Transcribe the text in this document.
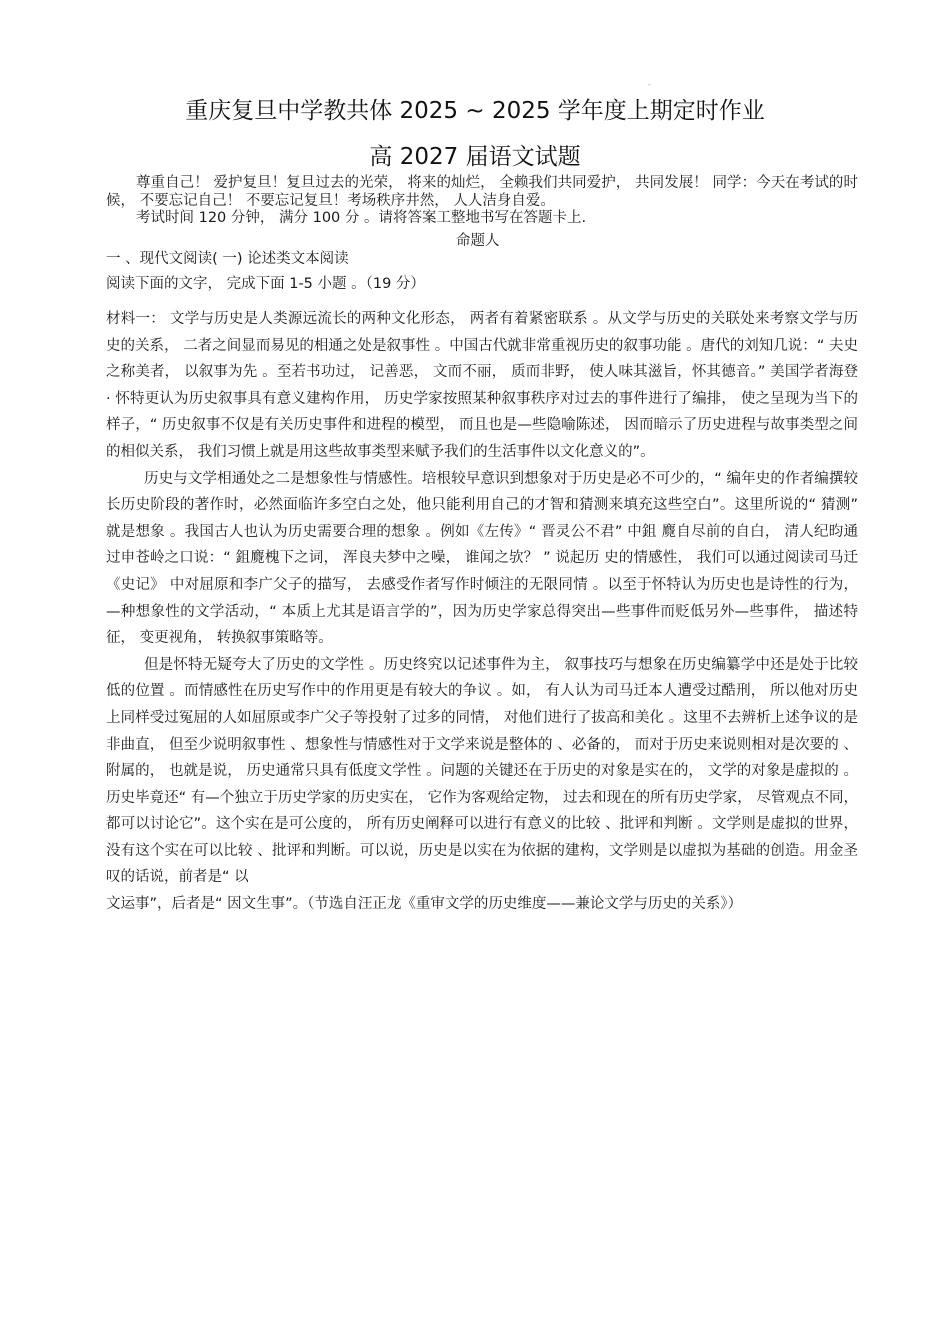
-
重庆复旦中学教共体 2025 ~ 2025 学年度上期定时作业
高 2027 届语文试题
尊重自己！ 爱护复旦！复旦过去的光荣， 将来的灿烂， 全赖我们共同爱护， 共同发展！ 同学：今天在考试的时候， 不要忘记自己！ 不要忘记复旦！考场秩序井然， 人人洁身自爱。
考试时间 120 分钟， 满分 100 分 。请将答案工整地书写在答题卡上.
命题人
一 、现代文阅读( 一) 论述类文本阅读
阅读下面的文字， 完成下面 1-5 小题 。（19 分）

材料一： 文学与历史是人类源远流长的两种文化形态， 两者有着紧密联系 。从文学与历史的关联处来考察文学与历史的关系， 二者之间显而易见的相通之处是叙事性 。中国古代就非常重视历史的叙事功能 。唐代的刘知几说：“ 夫史之称美者， 以叙事为先 。至若书功过， 记善恶， 文而不丽， 质而非野， 使人味其滋旨，怀其德音。” 美国学者海登 · 怀特更认为历史叙事具有意义建构作用， 历史学家按照某种叙事秩序对过去的事件进行了编排， 使之呈现为当下的样子，“ 历史叙事不仅是有关历史事件和进程的模型， 而且也是—些隐喻陈述， 因而暗示了历史进程与故事类型之间的相似关系， 我们习惯上就是用这些故事类型来赋予我们的生活事件以文化意义的”。

历史与文学相通处之二是想象性与情感性。培根较早意识到想象对于历史是必不可少的，“ 编年史的作者编撰较长历史阶段的著作时，必然面临许多空白之处，他只能利用自己的才智和猜测来填充这些空白”。这里所说的“ 猜测” 就是想象 。我国古人也认为历史需要合理的想象 。例如《左传》“ 晋灵公不君” 中鉏 麑自尽前的自白， 清人纪昀通过申苍岭之口说：“ 鉏麑槐下之词， 浑良夫梦中之噪， 谁闻之欤？ ” 说起历 史的情感性， 我们可以通过阅读司马迁《史记》 中对屈原和李广父子的描写， 去感受作者写作时倾注的无限同情 。以至于怀特认为历史也是诗性的行为， —种想象性的文学活动，“ 本质上尤其是语言学的”，因为历史学家总得突出—些事件而贬低另外—些事件， 描述特征， 变更视角， 转换叙事策略等。

但是怀特无疑夸大了历史的文学性 。历史终究以记述事件为主， 叙事技巧与想象在历史编纂学中还是处于比较低的位置 。而情感性在历史写作中的作用更是有较大的争议 。如， 有人认为司马迁本人遭受过酷刑， 所以他对历史上同样受过冤屈的人如屈原或李广父子等投射了过多的同情， 对他们进行了拔高和美化 。这里不去辨析上述争议的是非曲直， 但至少说明叙事性 、想象性与情感性对于文学来说是整体的 、必备的， 而对于历史来说则相对是次要的 、附属的， 也就是说， 历史通常只具有低度文学性 。问题的关键还在于历史的对象是实在的， 文学的对象是虚拟的 。历史毕竟还“ 有—个独立于历史学家的历史实在， 它作为客观给定物， 过去和现在的所有历史学家， 尽管观点不同， 都可以讨论它”。这个实在是可公度的， 所有历史阐释可以进行有意义的比较 、批评和判断 。文学则是虚拟的世界， 没有这个实在可以比较 、批评和判断。可以说，历史是以实在为依据的建构，文学则是以虚拟为基础的创造。用金圣叹的话说，前者是“ 以

文运事”，后者是“ 因文生事”。（节选自汪正龙《重审文学的历史维度——兼论文学与历史的关系》）
